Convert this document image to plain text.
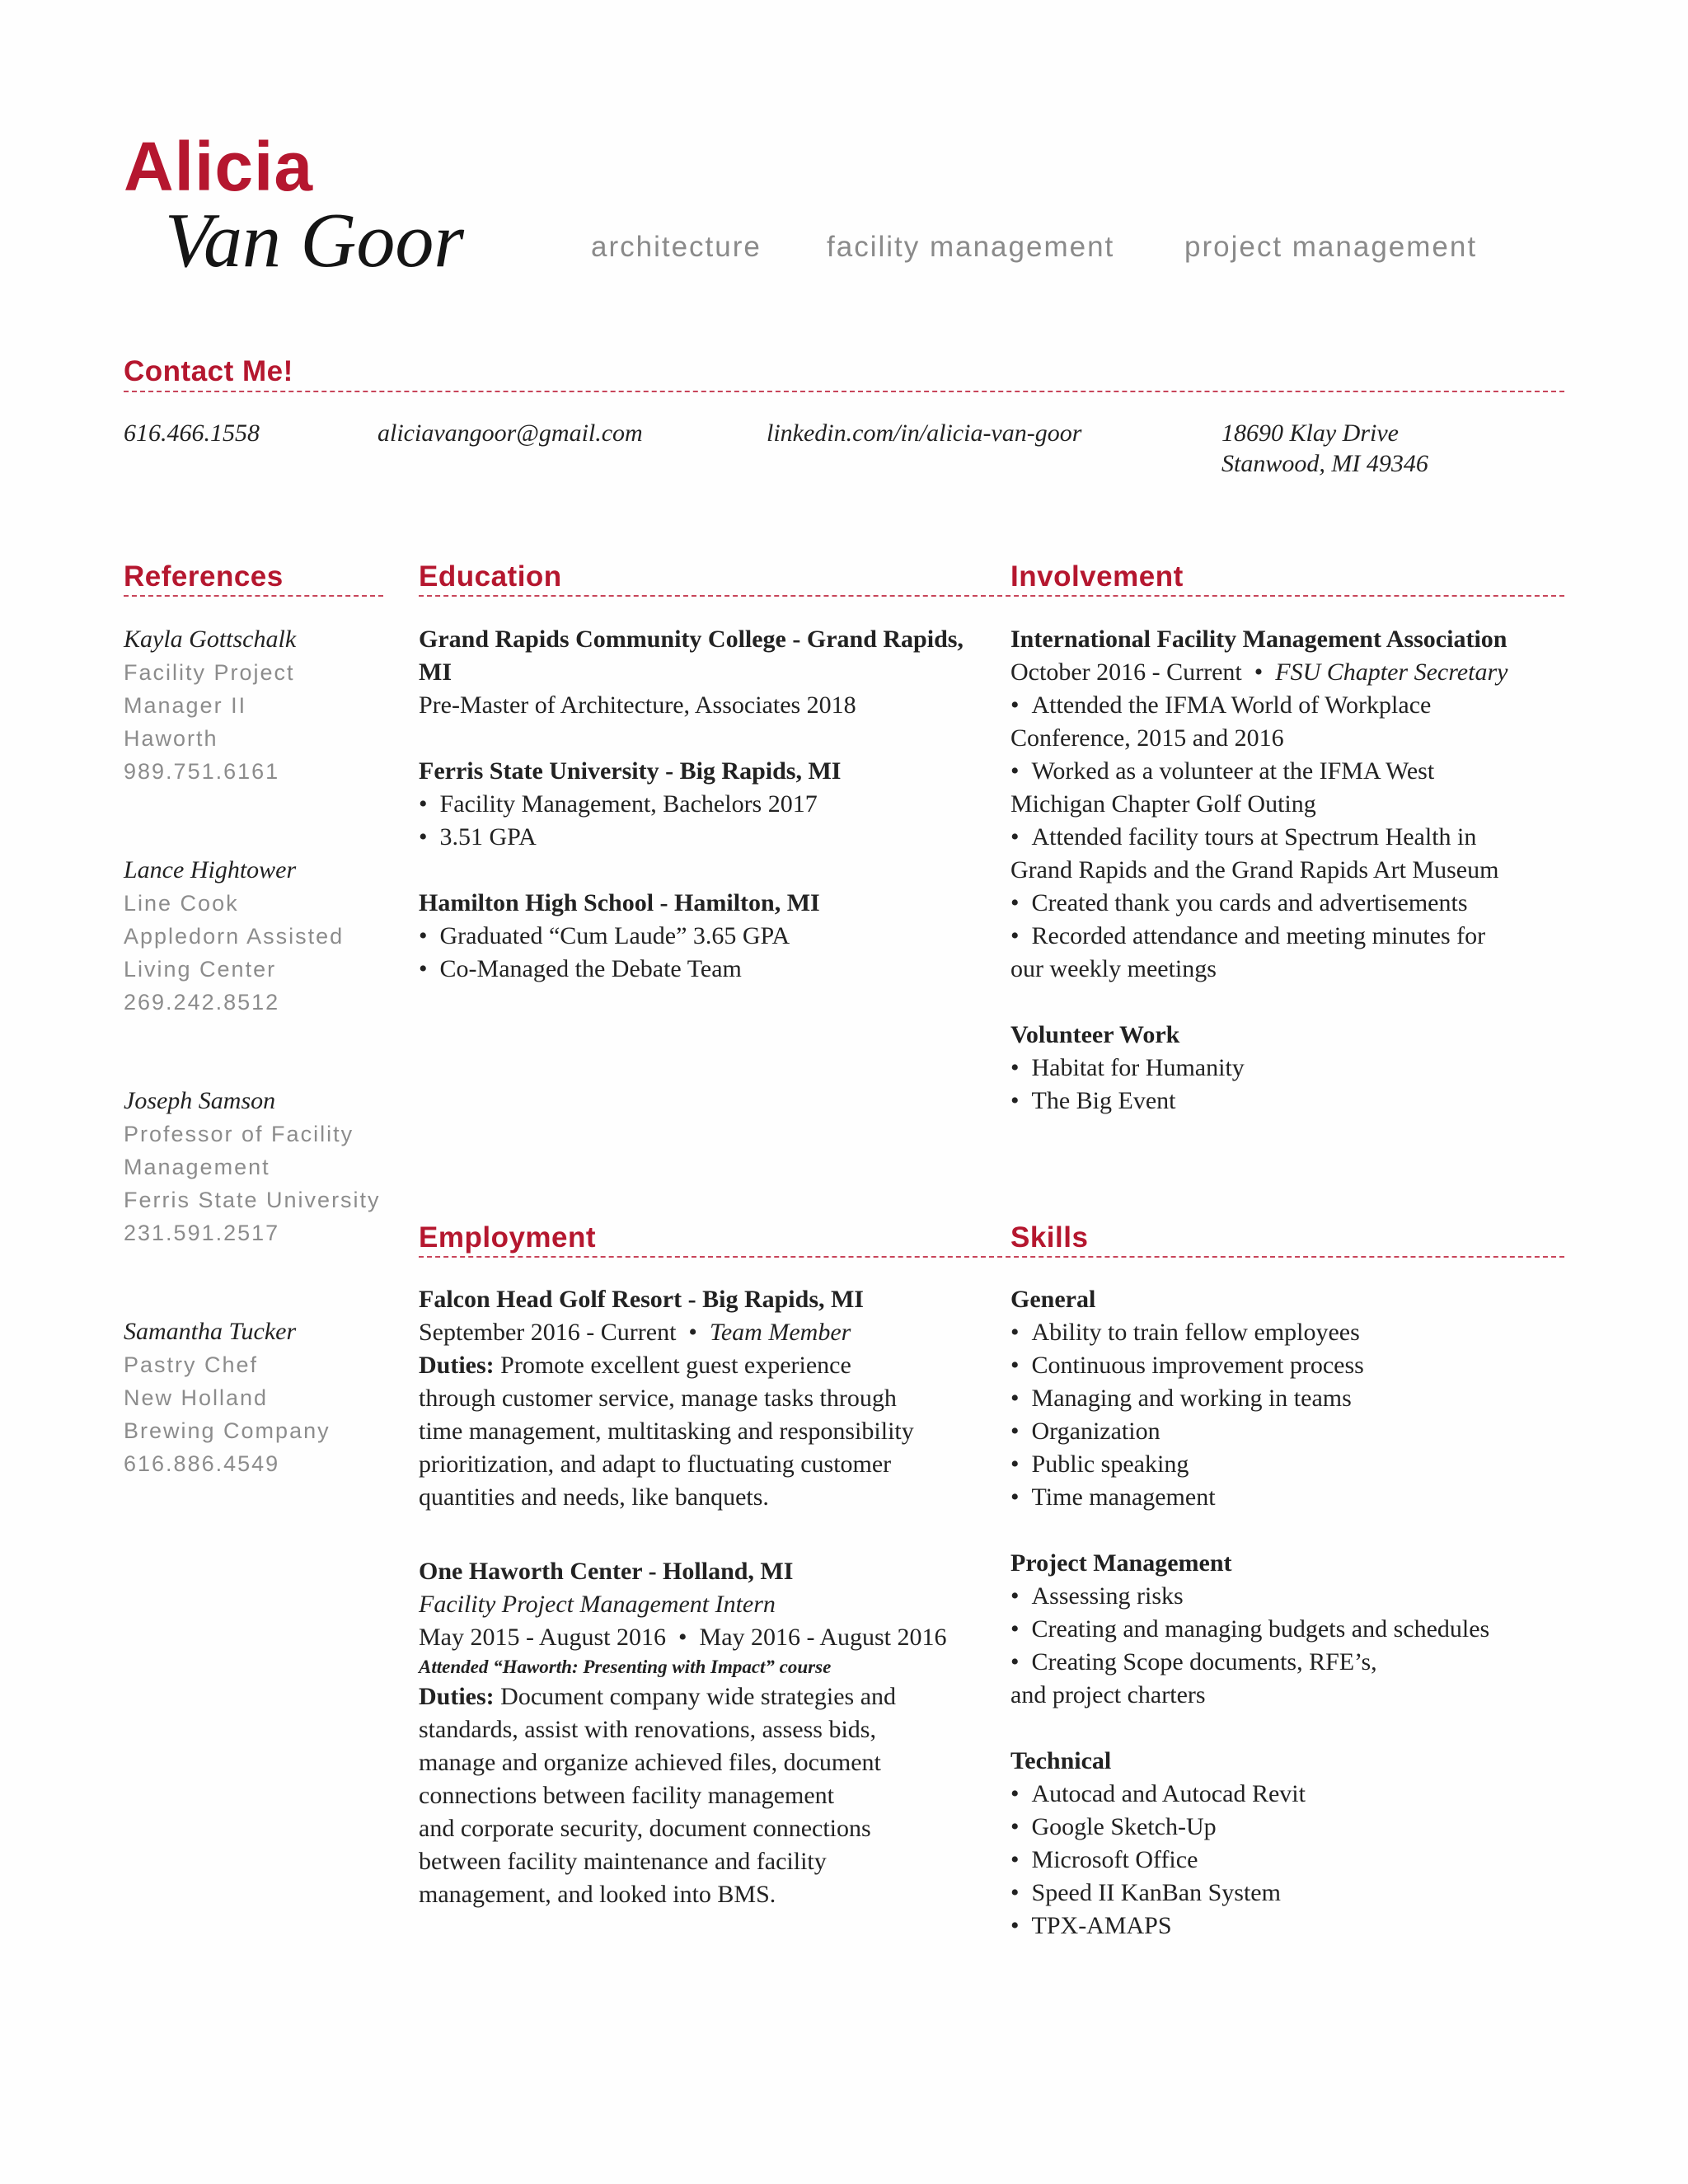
Alicia
Van Goor	architecture facility management project management
Contact Me!
616.466.1558	aliciavangoor@gmail.com	linkedin.com/in/alicia-van-goor	18690 Klay Drive
Stanwood, MI 49346
References	Education	Involvement
Kayla Gottschalk
Facility Project
Manager II
Haworth
989.751.6161
Lance Hightower
Line Cook
Appledorn Assisted
Living Center
269.242.8512
Joseph Samson
Professor of Facility
Management
Ferris State University
231.591.2517
Samantha Tucker
Pastry Chef
New Holland
Brewing Company
616.886.4549
Grand Rapids Community College - Grand Rapids, MI
Pre-Master of Architecture, Associates 2018
Ferris State University - Big Rapids, MI
•  Facility Management, Bachelors 2017
•  3.51 GPA
Hamilton High School - Hamilton, MI
•  Graduated “Cum Laude” 3.65 GPA
•  Co-Managed the Debate Team
International Facility Management Association
October 2016 - Current  •  FSU Chapter Secretary
•  Attended the IFMA World of Workplace
Conference, 2015 and 2016
•  Worked as a volunteer at the IFMA West
Michigan Chapter Golf Outing
•  Attended facility tours at Spectrum Health in
Grand Rapids and the Grand Rapids Art Museum
•  Created thank you cards and advertisements
•  Recorded attendance and meeting minutes for
our weekly meetings
Volunteer Work
•  Habitat for Humanity
•  The Big Event
Employment	Skills
Falcon Head Golf Resort - Big Rapids, MI
September 2016 - Current  •  Team Member
Duties: Promote excellent guest experience
through customer service, manage tasks through
time management, multitasking and responsibility
prioritization, and adapt to fluctuating customer
quantities and needs, like banquets.
One Haworth Center - Holland, MI
Facility Project Management Intern
May 2015 - August 2016  •  May 2016 - August 2016
Attended “Haworth: Presenting with Impact” course
Duties: Document company wide strategies and
standards, assist with renovations, assess bids,
manage and organize achieved files, document
connections between facility management
and corporate security, document connections
between facility maintenance and facility
management, and looked into BMS.
General
•  Ability to train fellow employees
•  Continuous improvement process
•  Managing and working in teams
•  Organization
•  Public speaking
•  Time management
Project Management
•  Assessing risks
•  Creating and managing budgets and schedules
•  Creating Scope documents, RFE’s,
and project charters
Technical
•  Autocad and Autocad Revit
•  Google Sketch-Up
•  Microsoft Office
•  Speed II KanBan System
•  TPX-AMAPS
